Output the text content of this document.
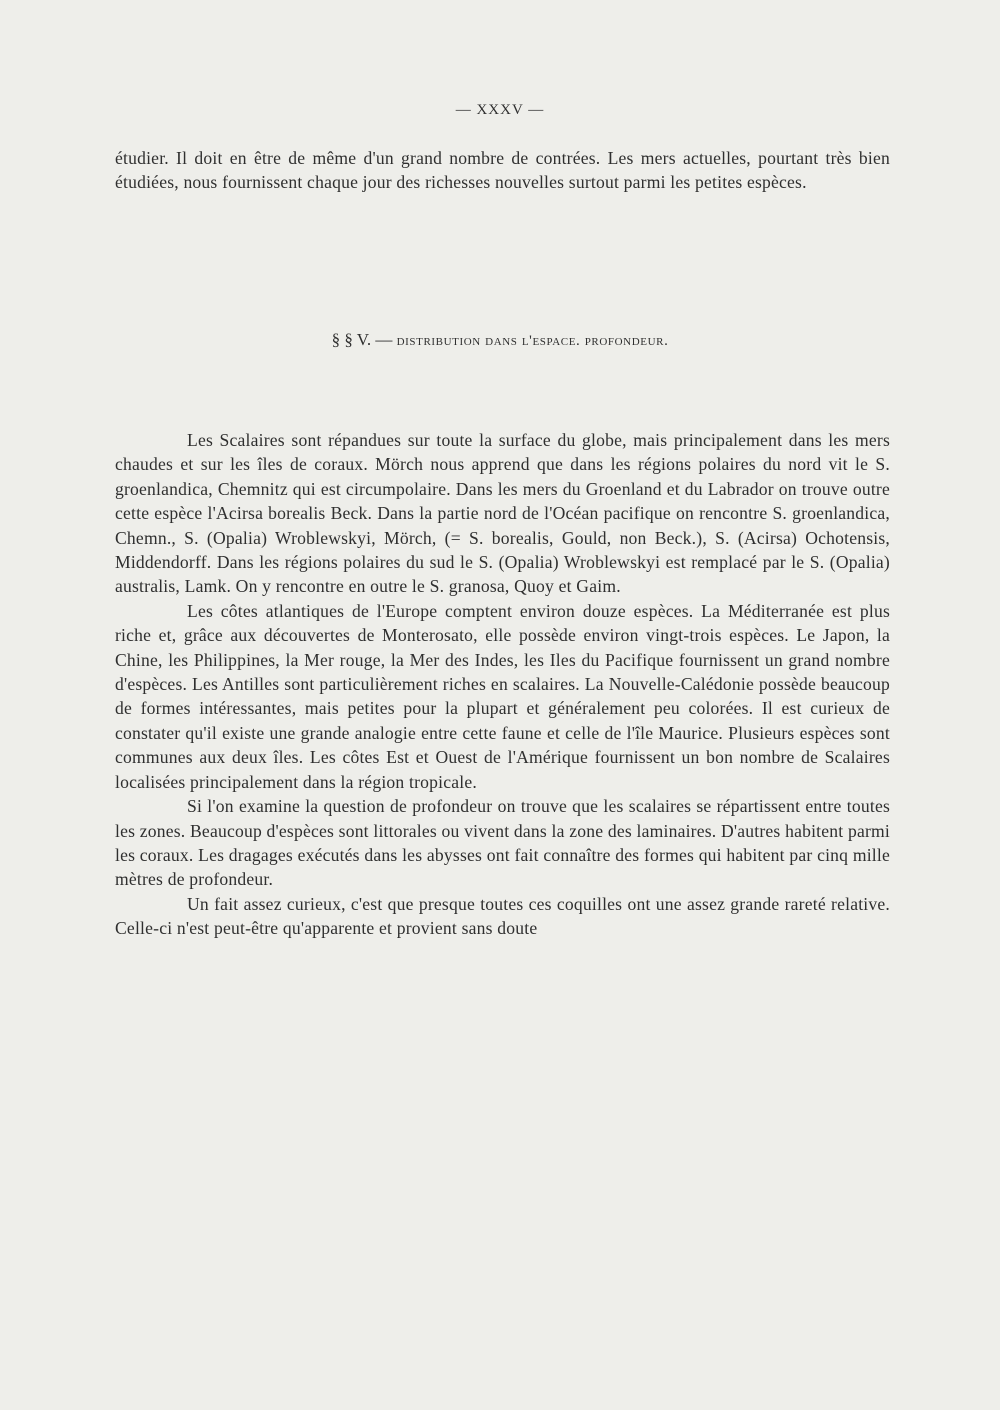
— XXXV —

étudier. Il doit en être de même d'un grand nombre de contrées. Les mers actuelles, pourtant très bien étudiées, nous fournissent chaque jour des richesses nouvelles surtout parmi les petites espèces.

§ § V. — distribution dans l'espace. profondeur.

Les Scalaires sont répandues sur toute la surface du globe, mais principalement dans les mers chaudes et sur les îles de coraux. Mörch nous apprend que dans les régions polaires du nord vit le S. groenlandica, Chemnitz qui est circumpolaire. Dans les mers du Groenland et du Labrador on trouve outre cette espèce l'Acirsa borealis Beck. Dans la partie nord de l'Océan pacifique on rencontre S. groenlandica, Chemn., S. (Opalia) Wroblewskyi, Mörch, (= S. borealis, Gould, non Beck.), S. (Acirsa) Ochotensis, Middendorff. Dans les régions polaires du sud le S. (Opalia) Wroblewskyi est remplacé par le S. (Opalia) australis, Lamk. On y rencontre en outre le S. granosa, Quoy et Gaim.

Les côtes atlantiques de l'Europe comptent environ douze espèces. La Méditerranée est plus riche et, grâce aux découvertes de Monterosato, elle possède environ vingt-trois espèces. Le Japon, la Chine, les Philippines, la Mer rouge, la Mer des Indes, les Iles du Pacifique fournissent un grand nombre d'espèces. Les Antilles sont particulièrement riches en scalaires. La Nouvelle-Calédonie possède beaucoup de formes intéressantes, mais petites pour la plupart et généralement peu colorées. Il est curieux de constater qu'il existe une grande analogie entre cette faune et celle de l'île Maurice. Plusieurs espèces sont communes aux deux îles. Les côtes Est et Ouest de l'Amérique fournissent un bon nombre de Scalaires localisées principalement dans la région tropicale.

Si l'on examine la question de profondeur on trouve que les scalaires se répartissent entre toutes les zones. Beaucoup d'espèces sont littorales ou vivent dans la zone des laminaires. D'autres habitent parmi les coraux. Les dragages exécutés dans les abysses ont fait connaître des formes qui habitent par cinq mille mètres de profondeur.

Un fait assez curieux, c'est que presque toutes ces coquilles ont une assez grande rareté relative. Celle-ci n'est peut-être qu'apparente et provient sans doute
